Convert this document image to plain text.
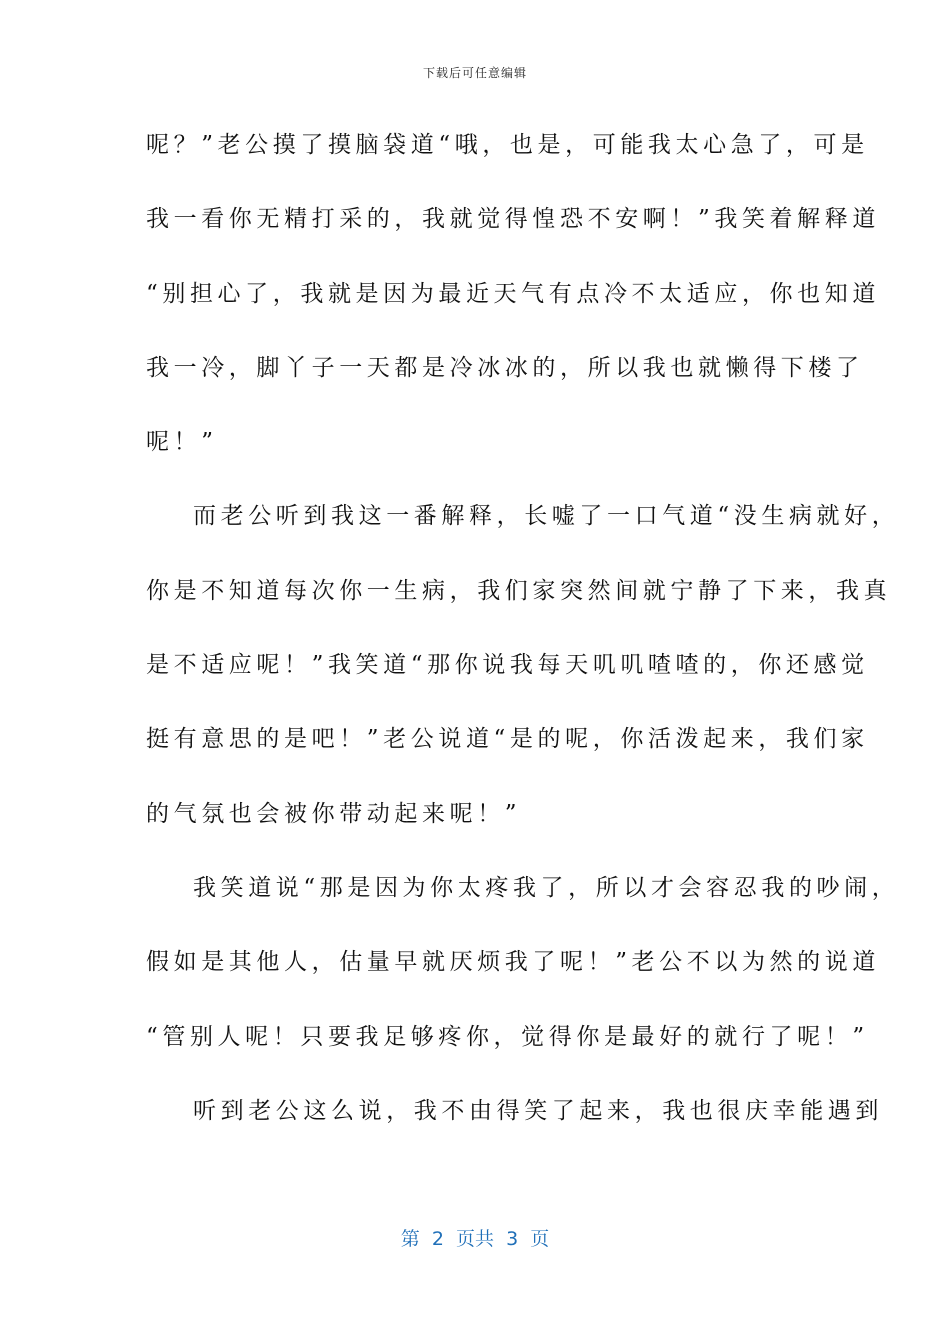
下载后可任意编辑
呢？”老公摸了摸脑袋道“哦，也是，可能我太心急了，可是
我一看你无精打采的，我就觉得惶恐不安啊！”我笑着解释道
“别担心了，我就是因为最近天气有点冷不太适应，你也知道
我一冷，脚丫子一天都是冷冰冰的，所以我也就懒得下楼了
呢！”
而老公听到我这一番解释，长嘘了一口气道“没生病就好，
你是不知道每次你一生病，我们家突然间就宁静了下来，我真
是不适应呢！”我笑道“那你说我每天叽叽喳喳的，你还感觉
挺有意思的是吧！”老公说道“是的呢，你活泼起来，我们家
的气氛也会被你带动起来呢！”
我笑道说“那是因为你太疼我了，所以才会容忍我的吵闹，
假如是其他人，估量早就厌烦我了呢！”老公不以为然的说道
“管别人呢！只要我足够疼你，觉得你是最好的就行了呢！”
听到老公这么说，我不由得笑了起来，我也很庆幸能遇到
第  2  页共  3  页
